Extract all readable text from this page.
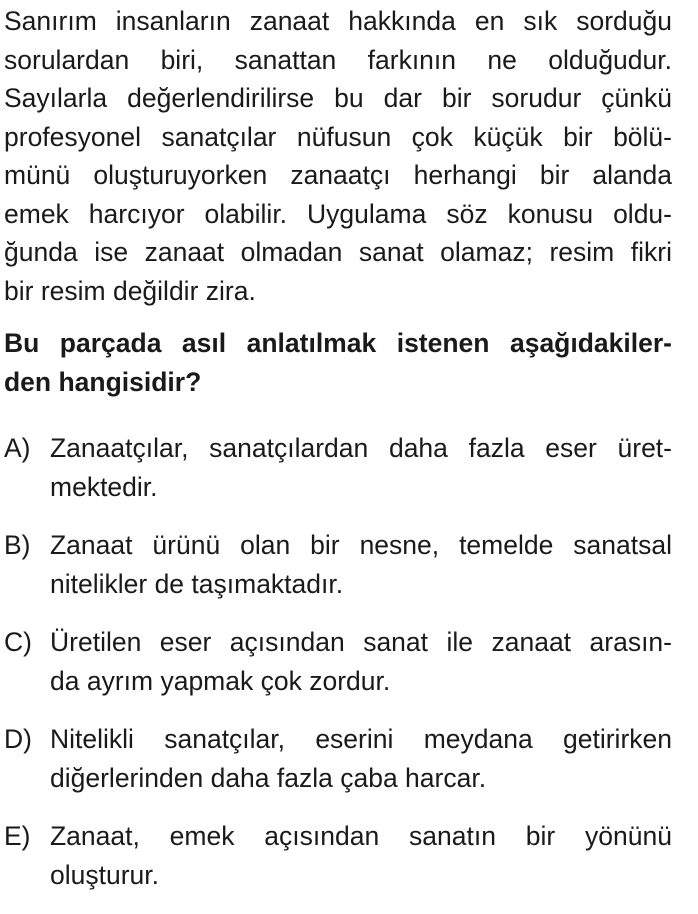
Sanırım insanların zanaat hakkında en sık sorduğu
sorulardan biri, sanattan farkının ne olduğudur.
Sayılarla değerlendirilirse bu dar bir sorudur çünkü
profesyonel sanatçılar nüfusun çok küçük bir bölü-
münü oluşturuyorken zanaatçı herhangi bir alanda
emek harcıyor olabilir. Uygulama söz konusu oldu-
ğunda ise zanaat olmadan sanat olamaz; resim fikri
bir resim değildir zira.
Bu parçada asıl anlatılmak istenen aşağıdakiler-
den hangisidir?
A) Zanaatçılar, sanatçılardan daha fazla eser üret-
mektedir.
B) Zanaat ürünü olan bir nesne, temelde sanatsal
nitelikler de taşımaktadır.
C) Üretilen eser açısından sanat ile zanaat arasın-
da ayrım yapmak çok zordur.
D) Nitelikli sanatçılar, eserini meydana getirirken
diğerlerinden daha fazla çaba harcar.
E) Zanaat, emek açısından sanatın bir yönünü
oluşturur.
